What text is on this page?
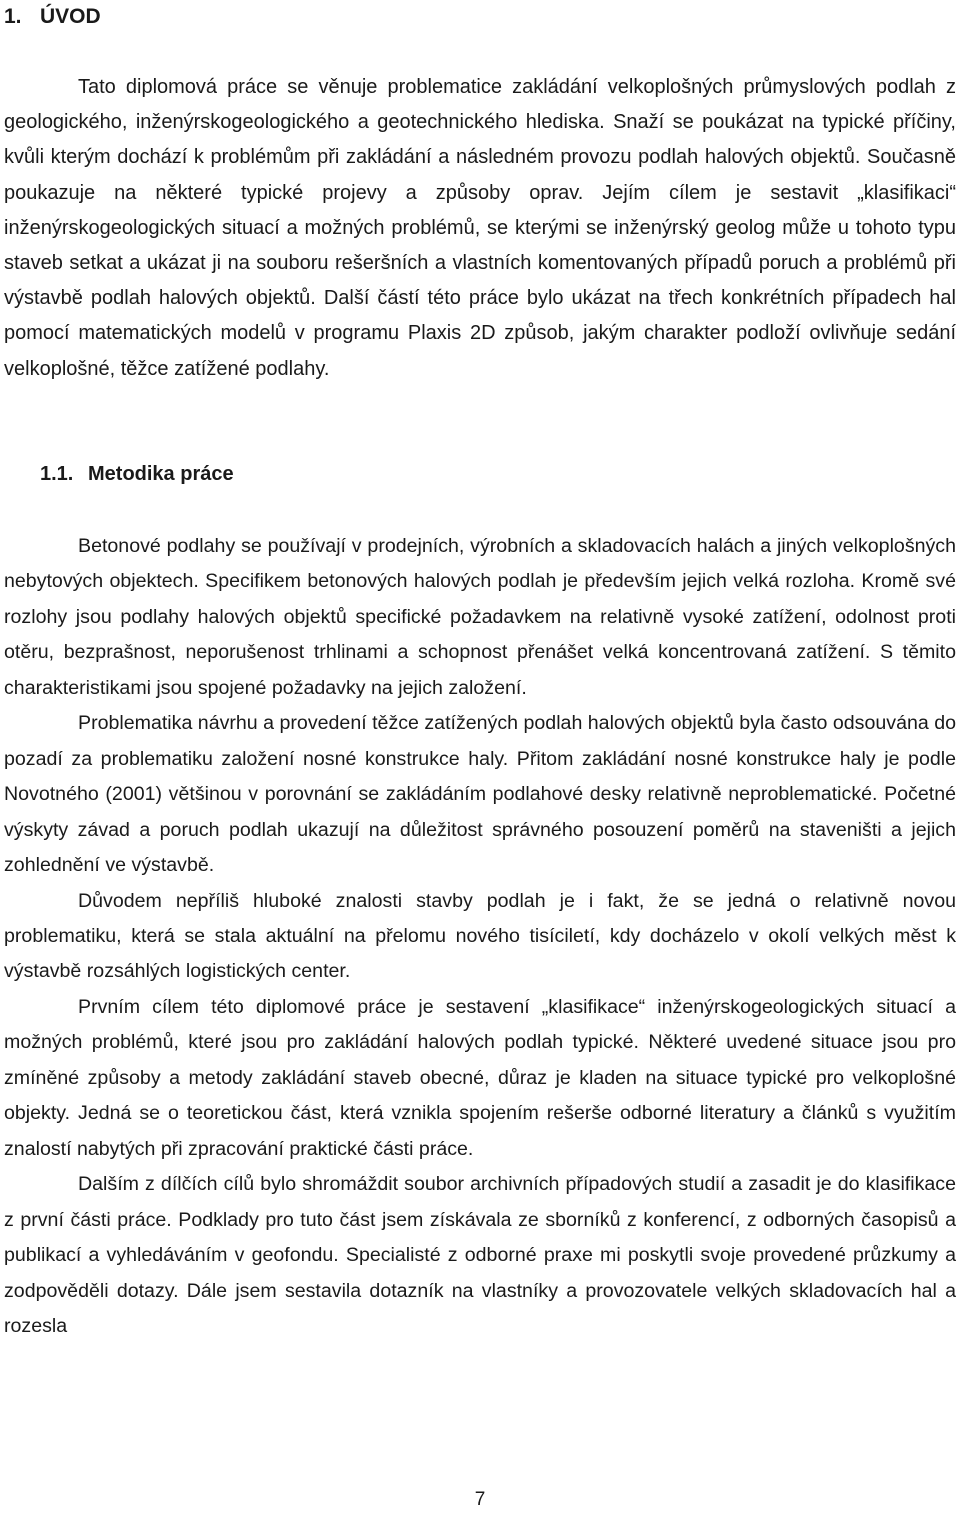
1. ÚVOD

Tato diplomová práce se věnuje problematice zakládání velkoplošných průmyslových podlah z geologického, inženýrskogeologického a geotechnického hlediska. Snaží se poukázat na typické příčiny, kvůli kterým dochází k problémům při zakládání a následném provozu podlah halových objektů. Současně poukazuje na některé typické projevy a způsoby oprav. Jejím cílem je sestavit „klasifikaci“ inženýrskogeologických situací a možných problémů, se kterými se inženýrský geolog může u tohoto typu staveb setkat a ukázat ji na souboru rešeršních a vlastních komentovaných případů poruch a problémů při výstavbě podlah halových objektů. Další částí této práce bylo ukázat na třech konkrétních případech hal pomocí matematických modelů v programu Plaxis 2D způsob, jakým charakter podloží ovlivňuje sedání velkoplošné, těžce zatížené podlahy.

1.1. Metodika práce

Betonové podlahy se používají v prodejních, výrobních a skladovacích halách a jiných velkoplošných nebytových objektech. Specifikem betonových halových podlah je především jejich velká rozloha. Kromě své rozlohy jsou podlahy halových objektů specifické požadavkem na relativně vysoké zatížení, odolnost proti otěru, bezprašnost, neporušenost trhlinami a schopnost přenášet velká koncentrovaná zatížení. S těmito charakteristikami jsou spojené požadavky na jejich založení.

Problematika návrhu a provedení těžce zatížených podlah halových objektů byla často odsouvána do pozadí za problematiku založení nosné konstrukce haly. Přitom zakládání nosné konstrukce haly je podle Novotného (2001) většinou v porovnání se zakládáním podlahové desky relativně neproblematické. Početné výskyty závad a poruch podlah ukazují na důležitost správného posouzení poměrů na staveništi a jejich zohlednění ve výstavbě.

Důvodem nepříliš hluboké znalosti stavby podlah je i fakt, že se jedná o relativně novou problematiku, která se stala aktuální na přelomu nového tisíciletí, kdy docházelo v okolí velkých měst k výstavbě rozsáhlých logistických center.

Prvním cílem této diplomové práce je sestavení „klasifikace“ inženýrskogeologických situací a možných problémů, které jsou pro zakládání halových podlah typické. Některé uvedené situace jsou pro zmíněné způsoby a metody zakládání staveb obecné, důraz je kladen na situace typické pro velkoplošné objekty. Jedná se o teoretickou část, která vznikla spojením rešerše odborné literatury a článků s využitím znalostí nabytých při zpracování praktické části práce.

Dalším z dílčích cílů bylo shromáždit soubor archivních případových studií a zasadit je do klasifikace z první části práce. Podklady pro tuto část jsem získávala ze sborníků z konferencí, z odborných časopisů a publikací a vyhledáváním v geofondu. Specialisté z odborné praxe mi poskytli svoje provedené průzkumy a zodpověděli dotazy. Dále jsem sestavila dotazník na vlastníky a provozovatele velkých skladovacích hal a rozesla

7
